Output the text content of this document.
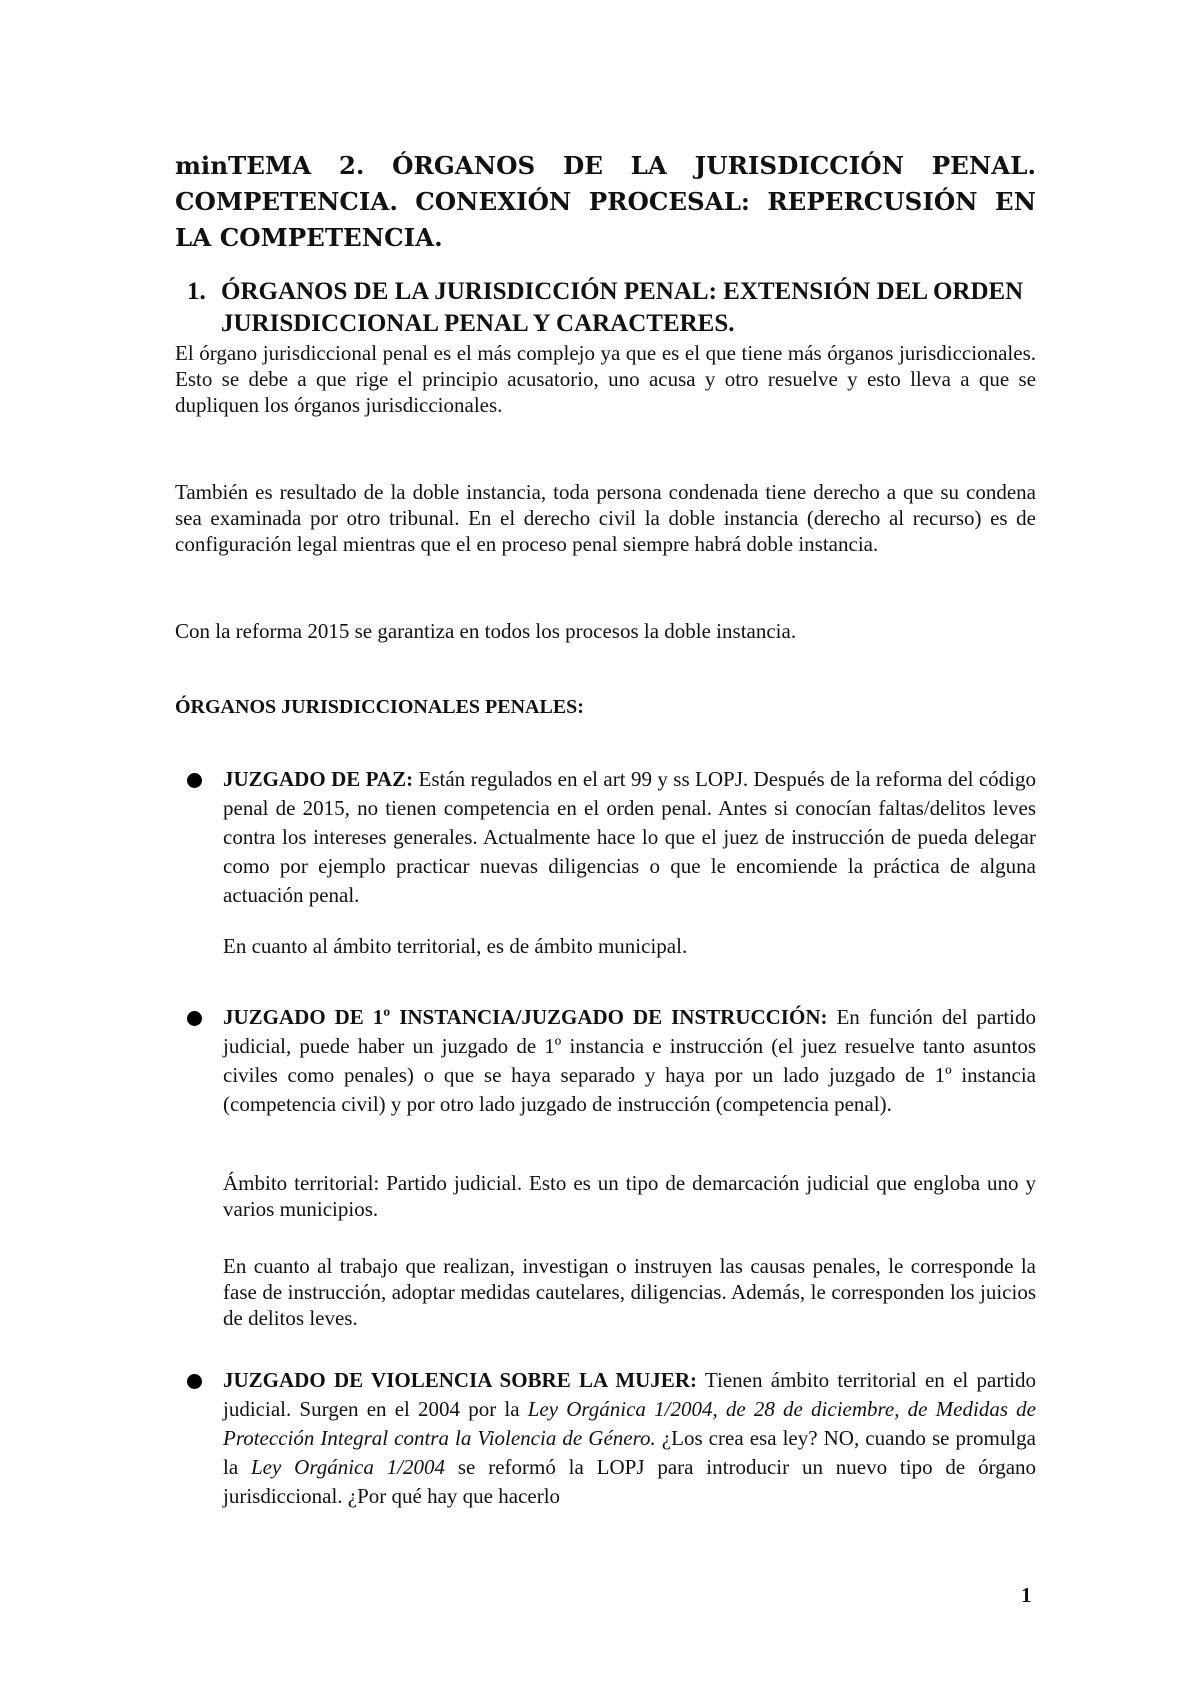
minTEMA 2. ÓRGANOS DE LA JURISDICCIÓN PENAL. COMPETENCIA. CONEXIÓN PROCESAL: REPERCUSIÓN EN LA COMPETENCIA.
1. ÓRGANOS DE LA JURISDICCIÓN PENAL: EXTENSIÓN DEL ORDEN JURISDICCIONAL PENAL Y CARACTERES.

El órgano jurisdiccional penal es el más complejo ya que es el que tiene más órganos jurisdiccionales. Esto se debe a que rige el principio acusatorio, uno acusa y otro resuelve y esto lleva a que se dupliquen los órganos jurisdiccionales.

También es resultado de la doble instancia, toda persona condenada tiene derecho a que su condena sea examinada por otro tribunal. En el derecho civil la doble instancia (derecho al recurso) es de configuración legal mientras que el en proceso penal siempre habrá doble instancia.

Con la reforma 2015 se garantiza en todos los procesos la doble instancia.

ÓRGANOS JURISDICCIONALES PENALES:

JUZGADO DE PAZ: Están regulados en el art 99 y ss LOPJ. Después de la reforma del código penal de 2015, no tienen competencia en el orden penal. Antes si conocían faltas/delitos leves contra los intereses generales. Actualmente hace lo que el juez de instrucción de pueda delegar como por ejemplo practicar nuevas diligencias o que le encomiende la práctica de alguna actuación penal.

En cuanto al ámbito territorial, es de ámbito municipal.

JUZGADO DE 1º INSTANCIA/JUZGADO DE INSTRUCCIÓN: En función del partido judicial, puede haber un juzgado de 1º instancia e instrucción (el juez resuelve tanto asuntos civiles como penales) o que se haya separado y haya por un lado juzgado de 1º instancia (competencia civil) y por otro lado juzgado de instrucción (competencia penal).

Ámbito territorial: Partido judicial. Esto es un tipo de demarcación judicial que engloba uno y varios municipios.

En cuanto al trabajo que realizan, investigan o instruyen las causas penales, le corresponde la fase de instrucción, adoptar medidas cautelares, diligencias. Además, le corresponden los juicios de delitos leves.

JUZGADO DE VIOLENCIA SOBRE LA MUJER: Tienen ámbito territorial en el partido judicial. Surgen en el 2004 por la Ley Orgánica 1/2004, de 28 de diciembre, de Medidas de Protección Integral contra la Violencia de Género. ¿Los crea esa ley? NO, cuando se promulga la Ley Orgánica 1/2004 se reformó la LOPJ para introducir un nuevo tipo de órgano jurisdiccional. ¿Por qué hay que hacerlo

1
